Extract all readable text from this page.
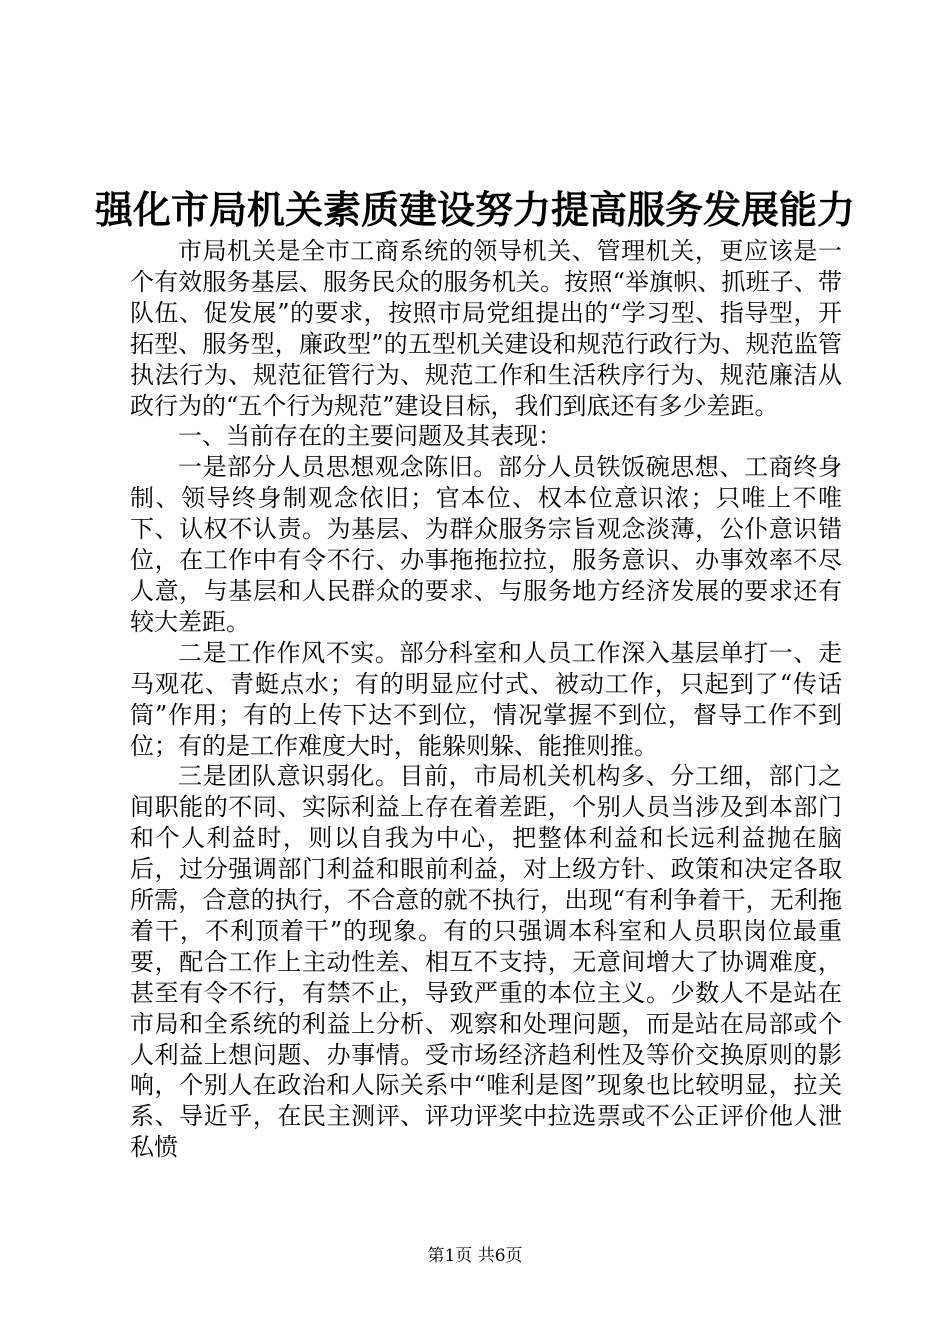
强化市局机关素质建设努力提高服务发展能力

市局机关是全市工商系统的领导机关、管理机关，更应该是一个有效服务基层、服务民众的服务机关。按照“举旗帜、抓班子、带队伍、促发展”的要求，按照市局党组提出的“学习型、指导型，开拓型、服务型，廉政型”的五型机关建设和规范行政行为、规范监管执法行为、规范征管行为、规范工作和生活秩序行为、规范廉洁从政行为的“五个行为规范”建设目标，我们到底还有多少差距。

一、当前存在的主要问题及其表现：

一是部分人员思想观念陈旧。部分人员铁饭碗思想、工商终身制、领导终身制观念依旧；官本位、权本位意识浓；只唯上不唯下、认权不认责。为基层、为群众服务宗旨观念淡薄，公仆意识错位，在工作中有令不行、办事拖拖拉拉，服务意识、办事效率不尽人意，与基层和人民群众的要求、与服务地方经济发展的要求还有较大差距。

二是工作作风不实。部分科室和人员工作深入基层单打一、走马观花、青蜓点水；有的明显应付式、被动工作，只起到了“传话筒”作用；有的上传下达不到位，情况掌握不到位，督导工作不到位；有的是工作难度大时，能躲则躲、能推则推。

三是团队意识弱化。目前，市局机关机构多、分工细，部门之间职能的不同、实际利益上存在着差距，个别人员当涉及到本部门和个人利益时，则以自我为中心，把整体利益和长远利益抛在脑后，过分强调部门利益和眼前利益，对上级方针、政策和决定各取所需，合意的执行，不合意的就不执行，出现“有利争着干，无利拖着干，不利顶着干”的现象。有的只强调本科室和人员职岗位最重要，配合工作上主动性差、相互不支持，无意间增大了协调难度，甚至有令不行，有禁不止，导致严重的本位主义。少数人不是站在市局和全系统的利益上分析、观察和处理问题，而是站在局部或个人利益上想问题、办事情。受市场经济趋利性及等价交换原则的影响，个别人在政治和人际关系中“唯利是图”现象也比较明显，拉关系、导近乎，在民主测评、评功评奖中拉选票或不公正评价他人泄私愤

第1页 共6页
